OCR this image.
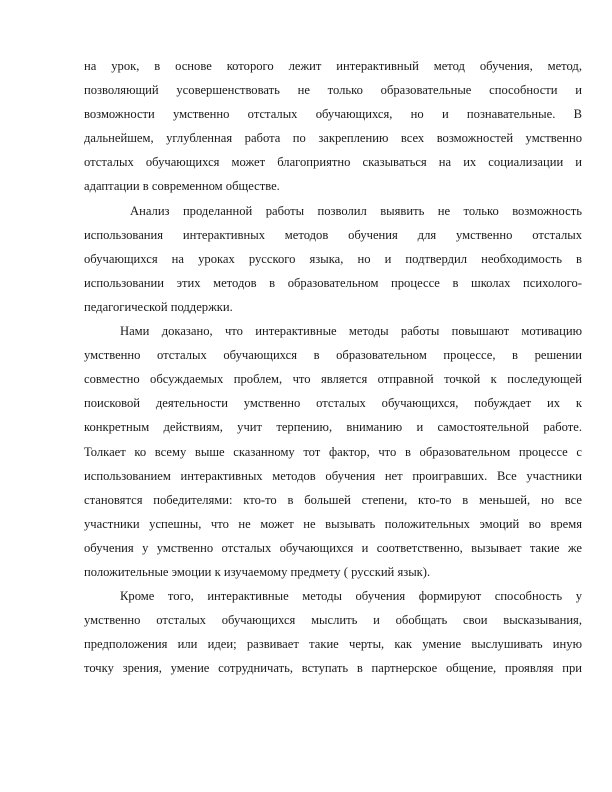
на урок, в основе которого лежит интерактивный метод обучения, метод,
позволяющий усовершенствовать не только образовательные способности и
возможности умственно отсталых обучающихся, но и познавательные. В
дальнейшем, углубленная работа по закреплению всех возможностей умственно
отсталых обучающихся может благоприятно сказываться на их социализации и
адаптации в современном обществе.
Анализ проделанной работы позволил выявить не только возможность
использования интерактивных методов обучения для умственно отсталых
обучающихся на уроках русского языка, но и подтвердил необходимость в
использовании этих методов в образовательном процессе в школах психолого-
педагогической поддержки.
Нами доказано, что интерактивные методы работы повышают мотивацию
умственно отсталых обучающихся в образовательном процессе, в решении
совместно обсуждаемых проблем, что является отправной точкой к последующей
поисковой деятельности умственно отсталых обучающихся, побуждает их к
конкретным действиям, учит терпению, вниманию и самостоятельной работе.
Толкает ко всему выше сказанному тот фактор, что в образовательном процессе с
использованием интерактивных методов обучения нет проигравших. Все участники
становятся победителями: кто-то в большей степени, кто-то в меньшей, но все
участники успешны, что не может не вызывать положительных эмоций во время
обучения у умственно отсталых обучающихся и соответственно, вызывает такие же
положительные эмоции к изучаемому предмету ( русский язык).
Кроме того, интерактивные методы обучения формируют способность у
умственно отсталых обучающихся мыслить и обобщать свои высказывания,
предположения или идеи; развивает такие черты, как умение выслушивать иную
точку зрения, умение сотрудничать, вступать в партнерское общение, проявляя при
